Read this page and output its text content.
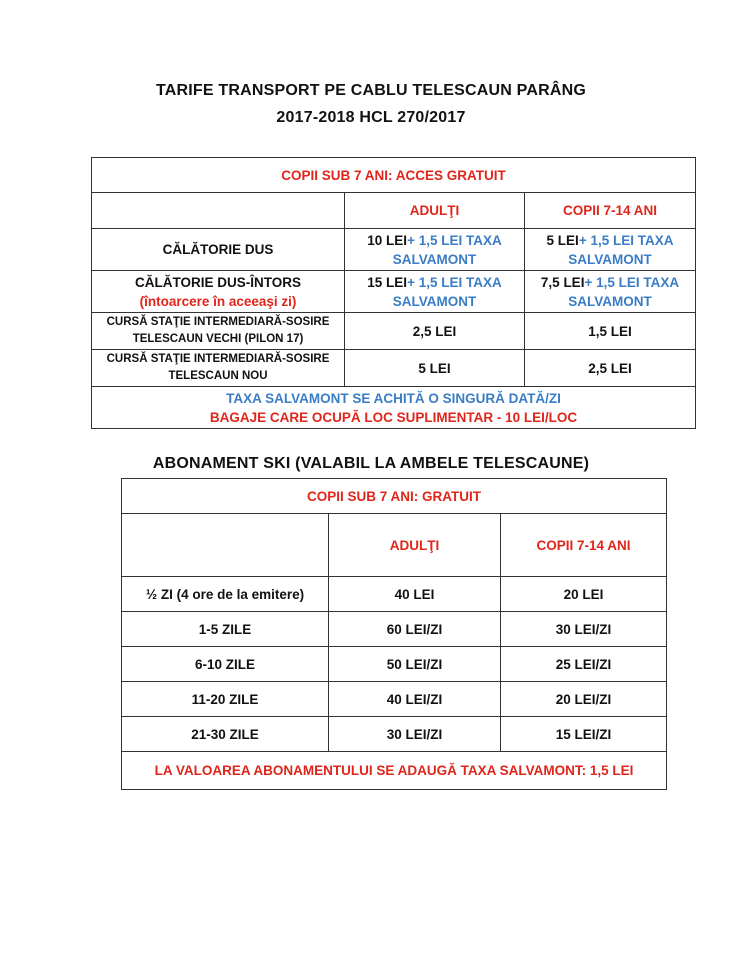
TARIFE TRANSPORT PE CABLU TELESCAUN PARÂNG
2017-2018 HCL 270/2017
COPII SUB 7 ANI: ACCES GRATUIT		
	ADULŢI	COPII 7-14 ANI
CĂLĂTORIE DUS	10 LEI+ 1,5 LEI TAXA SALVAMONT	5 LEI+ 1,5 LEI TAXA SALVAMONT
CĂLĂTORIE DUS-ÎNTORS
(întoarcere în aceeaşi zi)	15 LEI+ 1,5 LEI TAXA SALVAMONT	7,5 LEI+ 1,5 LEI TAXA SALVAMONT
CURSĂ STAŢIE INTERMEDIARĂ-SOSIRE TELESCAUN VECHI (PILON 17)	2,5 LEI	1,5 LEI
CURSĂ STAŢIE INTERMEDIARĂ-SOSIRE TELESCAUN NOU	5 LEI	2,5 LEI
TAXA SALVAMONT SE ACHITĂ O SINGURĂ DATĂ/ZI
BAGAJE CARE OCUPĂ LOC SUPLIMENTAR - 10 LEI/LOC		
ABONAMENT SKI (VALABIL LA AMBELE TELESCAUNE)
COPII SUB 7 ANI: GRATUIT		
	ADULŢI	COPII 7-14 ANI
½ ZI (4 ore de la emitere)	40 LEI	20 LEI
1-5 ZILE	60 LEI/ZI	30 LEI/ZI
6-10 ZILE	50 LEI/ZI	25 LEI/ZI
11-20 ZILE	40 LEI/ZI	20 LEI/ZI
21-30 ZILE	30 LEI/ZI	15 LEI/ZI
LA VALOAREA ABONAMENTULUI SE ADAUGĂ TAXA SALVAMONT: 1,5 LEI		
